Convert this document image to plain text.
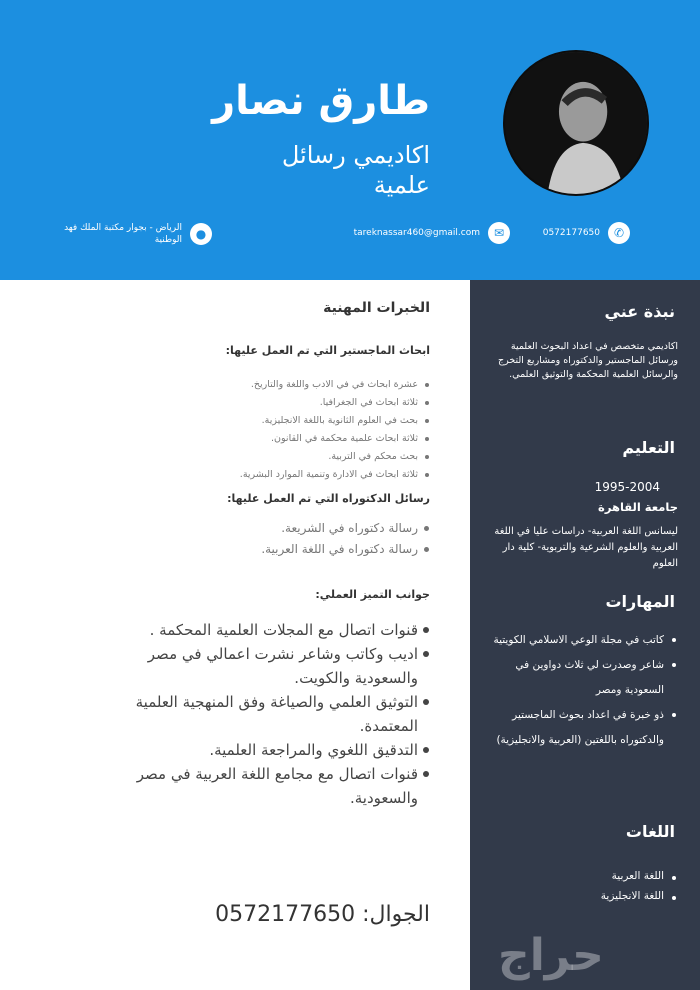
طارق نصار
اكاديمي رسائل علمية
✆
0572177650
✉
tareknassar460@gmail.com
●
الرياض - بجوار مكتبة الملك فهد الوطنية
نبذة عني
اكاديمي متخصص في اعداد البحوث العلمية ورسائل الماجستير والدكتوراه ومشاريع التخرج والرسائل العلمية المحكمة والتوثيق العلمي.
التعليم
1995-2004
جامعة القاهرة
ليسانس اللغة العربية- دراسات عليا في اللغة العربية والعلوم الشرعية والتربوية- كلية دار العلوم
المهارات
كاتب في مجلة الوعي الاسلامي الكويتية
شاعر وصدرت لي ثلاث دواوين في السعودية ومصر
ذو خبرة في اعداد بحوث الماجستير والدكتوراه باللغتين (العربية والانجليزية)
اللغات
اللغة العربية
اللغة الانجليزية
الخبرات المهنية
ابحاث الماجستير التي تم العمل عليها:
عشرة ابحاث في في الادب واللغة والتاريخ.
ثلاثة ابحاث في الجغرافيا.
بحث في العلوم الثانوية باللغة الانجليزية.
ثلاثة ابحاث علمية محكمة في القانون.
بحث محكم في التربية.
ثلاثة ابحاث في الادارة وتنمية الموارد البشرية.
رسائل الدكتوراه التي تم العمل عليها:
رسالة دكتوراه في الشريعة.
رسالة دكتوراه في اللغة العربية.
جوانب التميز العملي:
قنوات اتصال مع المجلات العلمية المحكمة .
اديب وكاتب وشاعر نشرت اعمالي في مصر والسعودية والكويت.
التوثيق العلمي والصياغة وفق المنهجية العلمية المعتمدة.
التدقيق اللغوي والمراجعة العلمية.
قنوات اتصال مع مجامع اللغة العربية في مصر والسعودية.
الجوال: 0572177650
حراج
